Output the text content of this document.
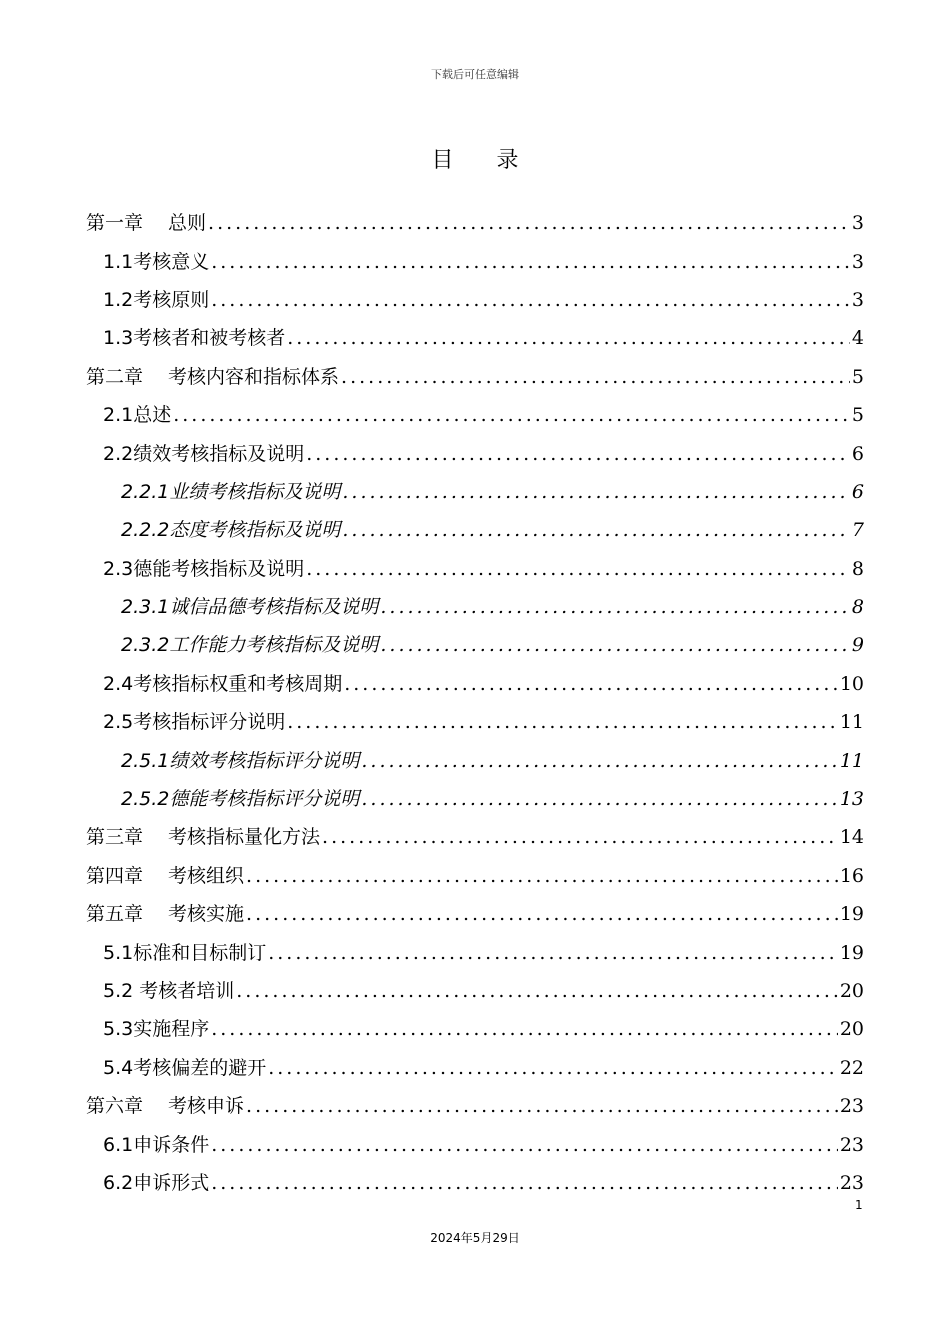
下载后可任意编辑
目 录
第一章　 总则 .....	3
1.1考核意义 .....	3
1.2考核原则 .....	3
1.3考核者和被考核者 .....	4
第二章　 考核内容和指标体系 .....	5
2.1总述 .....	5
2.2绩效考核指标及说明 .....	6
2.2.1业绩考核指标及说明 .....	6
2.2.2态度考核指标及说明 .....	7
2.3德能考核指标及说明 .....	8
2.3.1诚信品德考核指标及说明 .....	8
2.3.2工作能力考核指标及说明 .....	9
2.4考核指标权重和考核周期 .....	10
2.5考核指标评分说明 .....	11
2.5.1绩效考核指标评分说明 .....	11
2.5.2德能考核指标评分说明 .....	13
第三章　 考核指标量化方法 .....	14
第四章　 考核组织 .....	16
第五章　 考核实施 .....	19
5.1标准和目标制订 .....	19
5.2 考核者培训 .....	20
5.3实施程序 .....	20
5.4考核偏差的避开 .....	22
第六章　 考核申诉 .....	23
6.1申诉条件 .....	23
6.2申诉形式 .....	23
1
2024年5月29日
